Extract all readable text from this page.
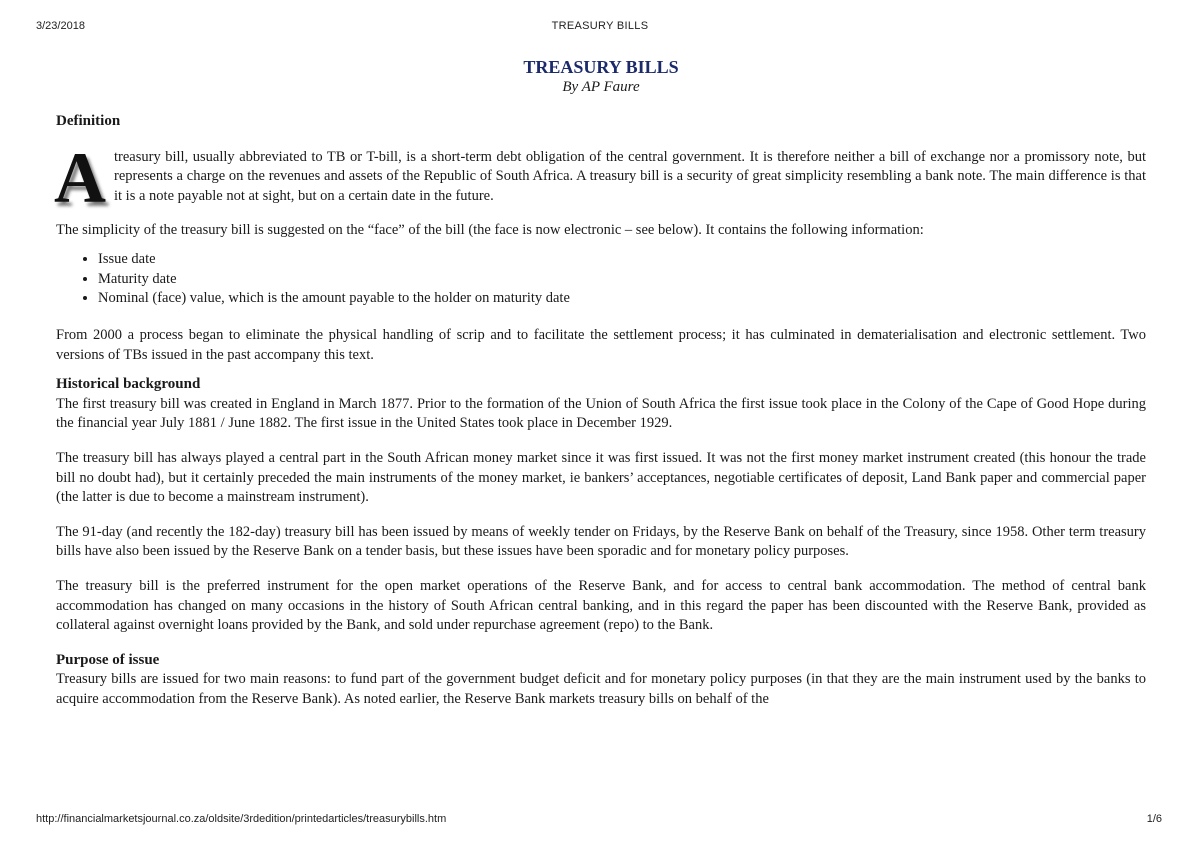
3/23/2018	TREASURY BILLS
TREASURY BILLS
By AP Faure
Definition

Atreasury bill, usually abbreviated to TB or T-bill, is a short-term debt obligation of the central government. It is therefore neither a bill of exchange nor a promissory note, but represents a charge on the revenues and assets of the Republic of South Africa. A treasury bill is a security of great simplicity resembling a bank note. The main difference is that it is a note payable not at sight, but on a certain date in the future.

The simplicity of the treasury bill is suggested on the “face” of the bill (the face is now electronic – see below). It contains the following information:

• Issue date
• Maturity date
• Nominal (face) value, which is the amount payable to the holder on maturity date

From 2000 a process began to eliminate the physical handling of scrip and to facilitate the settlement process; it has culminated in dematerialisation and electronic settlement. Two versions of TBs issued in the past accompany this text.

Historical background

The first treasury bill was created in England in March 1877. Prior to the formation of the Union of South Africa the first issue took place in the Colony of the Cape of Good Hope during the financial year July 1881 / June 1882. The first issue in the United States took place in December 1929.

The treasury bill has always played a central part in the South African money market since it was first issued. It was not the first money market instrument created (this honour the trade bill no doubt had), but it certainly preceded the main instruments of the money market, ie bankers’ acceptances, negotiable certificates of deposit, Land Bank paper and commercial paper (the latter is due to become a mainstream instrument).

The 91-day (and recently the 182-day) treasury bill has been issued by means of weekly tender on Fridays, by the Reserve Bank on behalf of the Treasury, since 1958. Other term treasury bills have also been issued by the Reserve Bank on a tender basis, but these issues have been sporadic and for monetary policy purposes.

The treasury bill is the preferred instrument for the open market operations of the Reserve Bank, and for access to central bank accommodation. The method of central bank accommodation has changed on many occasions in the history of South African central banking, and in this regard the paper has been discounted with the Reserve Bank, provided as collateral against overnight loans provided by the Bank, and sold under repurchase agreement (repo) to the Bank.

Purpose of issue

Treasury bills are issued for two main reasons: to fund part of the government budget deficit and for monetary policy purposes (in that they are the main instrument used by the banks to acquire accommodation from the Reserve Bank). As noted earlier, the Reserve Bank markets treasury bills on behalf of the

http://financialmarketsjournal.co.za/oldsite/3rdedition/printedarticles/treasurybills.htm	1/6
